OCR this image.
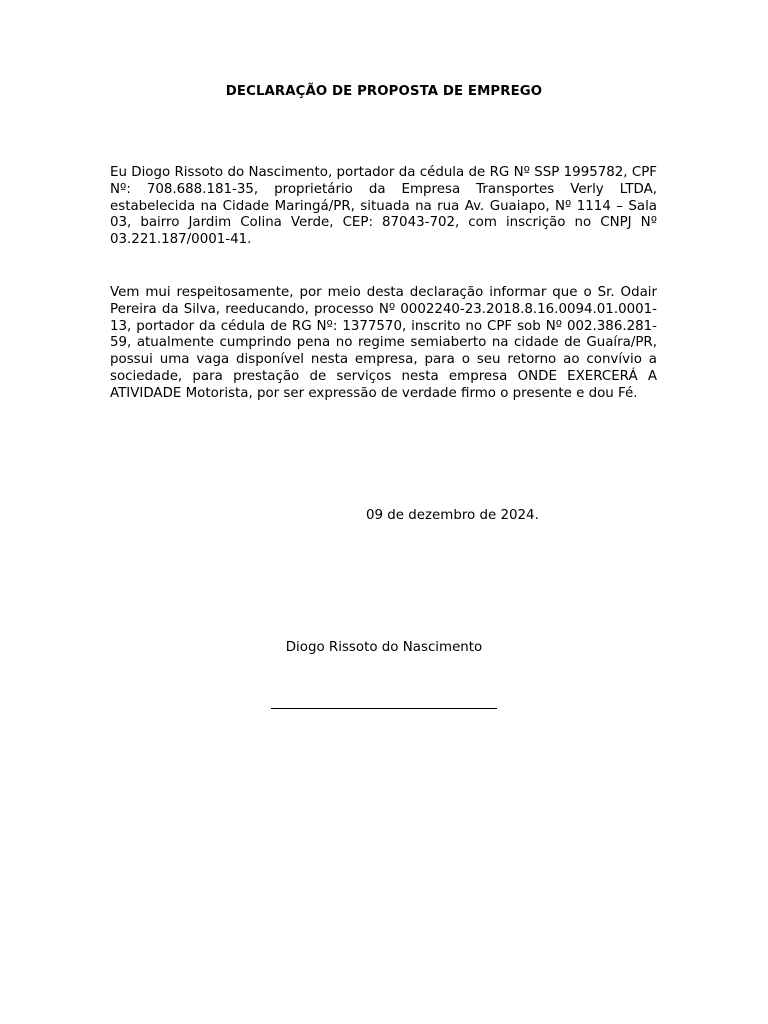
DECLARAÇÃO DE PROPOSTA DE EMPREGO
Eu Diogo Rissoto do Nascimento, portador da cédula de RG Nº SSP 1995782, CPF Nº: 708.688.181-35, proprietário da Empresa Transportes Verly LTDA, estabelecida na Cidade Maringá/PR, situada na rua Av. Guaiapo, Nº 1114 – Sala 03, bairro Jardim Colina Verde, CEP: 87043-702, com inscrição no CNPJ Nº 03.221.187/0001-41.
Vem mui respeitosamente, por meio desta declaração informar que o Sr. Odair Pereira da Silva, reeducando, processo Nº 0002240-23.2018.8.16.0094.01.0001-13, portador da cédula de RG Nº: 1377570, inscrito no CPF sob Nº 002.386.281-59, atualmente cumprindo pena no regime semiaberto na cidade de Guaíra/PR, possui uma vaga disponível nesta empresa, para o seu retorno ao convívio a sociedade, para prestação de serviços nesta empresa ONDE EXERCERÁ A ATIVIDADE Motorista, por ser expressão de verdade firmo o presente e dou Fé.
09 de dezembro de 2024.
Diogo Rissoto do Nascimento
